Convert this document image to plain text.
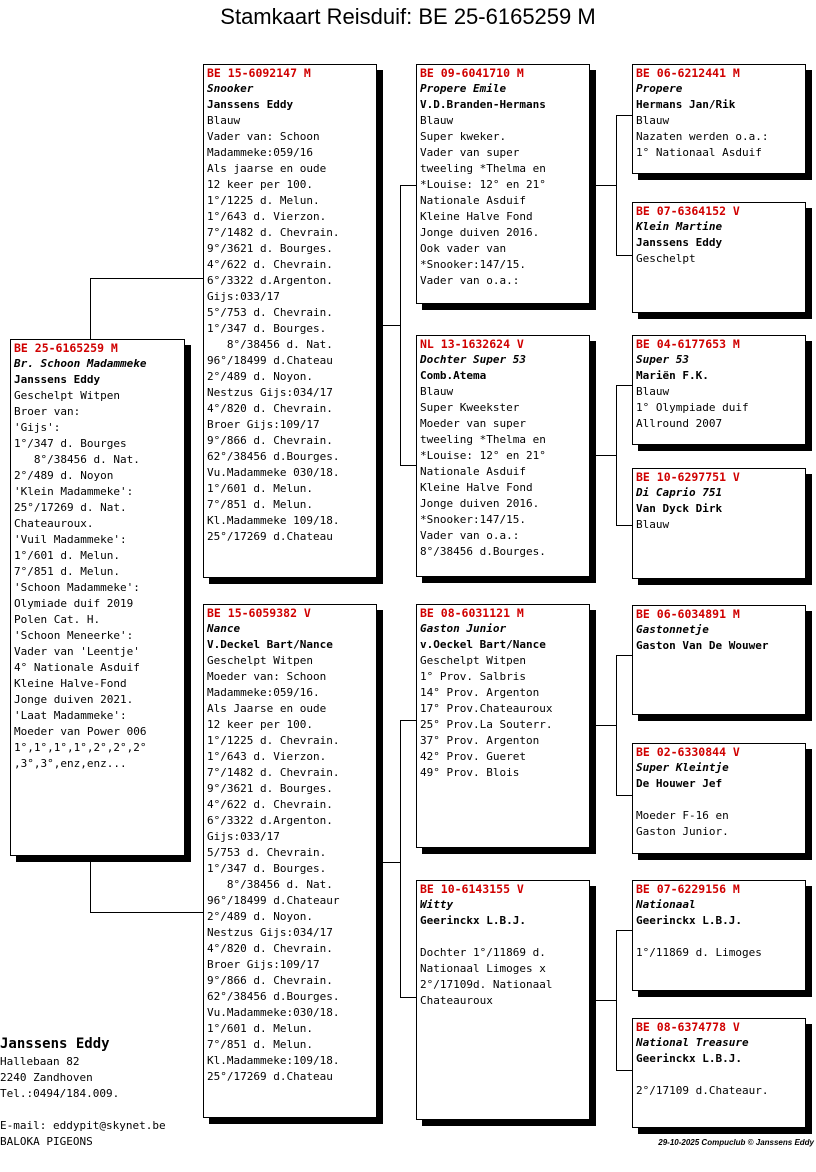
Stamkaart Reisduif: BE 25-6165259 M
BE 25-6165259 M
Br. Schoon Madammeke
Janssens Eddy
Geschelpt Witpen
Broer van:
'Gijs':
1°/347 d. Bourges
8°/38456 d. Nat.
2°/489 d. Noyon
'Klein Madammeke':
25°/17269 d. Nat.
Chateauroux.
'Vuil Madammeke':
1°/601 d. Melun.
7°/851 d. Melun.
'Schoon Madammeke':
Olymiade duif 2019
Polen Cat. H.
'Schoon Meneerke':
Vader van 'Leentje'
4° Nationale Asduif
Kleine Halve-Fond
Jonge duiven 2021.
'Laat Madammeke':
Moeder van Power 006
1°,1°,1°,1°,2°,2°,2°
,3°,3°,enz,enz...
BE 15-6092147 M
Snooker
Janssens Eddy
Blauw
Vader van: Schoon
Madammeke:059/16
Als jaarse en oude
12 keer per 100.
1°/1225 d. Melun.
1°/643 d. Vierzon.
7°/1482 d. Chevrain.
9°/3621 d. Bourges.
4°/622 d. Chevrain.
6°/3322 d.Argenton.
Gijs:033/17
5°/753 d. Chevrain.
1°/347 d. Bourges.
8°/38456 d. Nat.
96°/18499 d.Chateau
2°/489 d. Noyon.
Nestzus Gijs:034/17
4°/820 d. Chevrain.
Broer Gijs:109/17
9°/866 d. Chevrain.
62°/38456 d.Bourges.
Vu.Madammeke 030/18.
1°/601 d. Melun.
7°/851 d. Melun.
Kl.Madammeke 109/18.
25°/17269 d.Chateau
BE 15-6059382 V
Nance
V.Deckel Bart/Nance
Geschelpt Witpen
Moeder van: Schoon
Madammeke:059/16.
Als Jaarse en oude
12 keer per 100.
1°/1225 d. Chevrain.
1°/643 d. Vierzon.
7°/1482 d. Chevrain.
9°/3621 d. Bourges.
4°/622 d. Chevrain.
6°/3322 d.Argenton.
Gijs:033/17
5/753 d. Chevrain.
1°/347 d. Bourges.
8°/38456 d. Nat.
96°/18499 d.Chateaur
2°/489 d. Noyon.
Nestzus Gijs:034/17
4°/820 d. Chevrain.
Broer Gijs:109/17
9°/866 d. Chevrain.
62°/38456 d.Bourges.
Vu.Madammeke:030/18.
1°/601 d. Melun.
7°/851 d. Melun.
Kl.Madammeke:109/18.
25°/17269 d.Chateau
BE 09-6041710 M
Propere Emile
V.D.Branden-Hermans
Blauw
Super kweker.
Vader van super
tweeling *Thelma en
*Louise: 12° en 21°
Nationale Asduif
Kleine Halve Fond
Jonge duiven 2016.
Ook vader van
*Snooker:147/15.
Vader van o.a.:
NL 13-1632624 V
Dochter Super 53
Comb.Atema
Blauw
Super Kweekster
Moeder van super
tweeling *Thelma en
*Louise: 12° en 21°
Nationale Asduif
Kleine Halve Fond
Jonge duiven 2016.
*Snooker:147/15.
Vader van o.a.:
8°/38456 d.Bourges.
BE 08-6031121 M
Gaston Junior
v.Oeckel Bart/Nance
Geschelpt Witpen
1° Prov. Salbris
14° Prov. Argenton
17° Prov.Chateauroux
25° Prov.La Souterr.
37° Prov. Argenton
42° Prov. Gueret
49° Prov. Blois
BE 10-6143155 V
Witty
Geerinckx L.B.J.

Dochter 1°/11869 d.
Nationaal Limoges x
2°/17109d. Nationaal
Chateauroux
BE 06-6212441 M
Propere
Hermans Jan/Rik
Blauw
Nazaten werden o.a.:
1° Nationaal Asduif
BE 07-6364152 V
Klein Martine
Janssens Eddy
Geschelpt
BE 04-6177653 M
Super 53
Mariën F.K.
Blauw
1° Olympiade duif
Allround 2007
BE 10-6297751 V
Di Caprio 751
Van Dyck Dirk
Blauw
BE 06-6034891 M
Gastonnetje
Gaston Van De Wouwer
BE 02-6330844 V
Super Kleintje
De Houwer Jef

Moeder F-16 en
Gaston Junior.
BE 07-6229156 M
Nationaal
Geerinckx L.B.J.

1°/11869 d. Limoges
BE 08-6374778 V
National Treasure
Geerinckx L.B.J.

2°/17109 d.Chateaur.
Janssens Eddy
Hallebaan 82
2240 Zandhoven
Tel.:0494/184.009.
E-mail: eddypit@skynet.be
BALOKA PIGEONS	29-10-2025 Compuclub © Janssens Eddy
